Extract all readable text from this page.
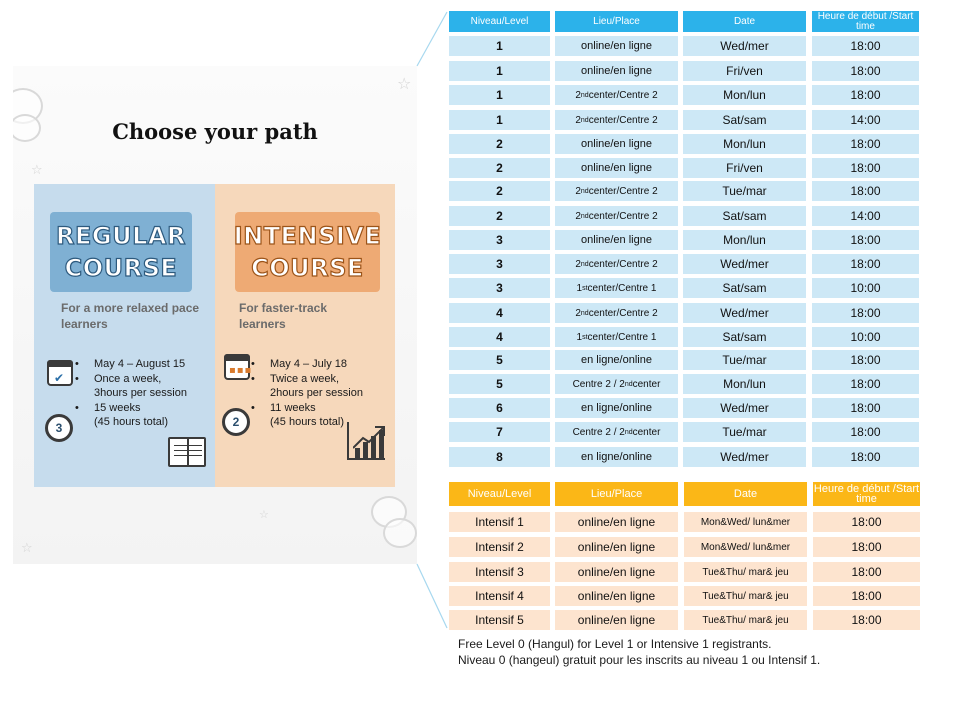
☆
☆
☆
☆
Choose your path
REGULAR
COURSE
For a more relaxed pace learners
✔
3
• May 4 – August 15
• Once a week,
3hours per session
• 15 weeks
(45 hours total)
INTENSIVE
COURSE
For faster-track learners
▪▪▪
2
• May 4 – July 18
• Twice a week,
2hours per session
• 11 weeks
(45 hours total)
Niveau/Level	Lieu/Place	Date	Heure de début /Start time
1	online/en ligne	Wed/mer	18:00
1	online/en ligne	Fri/ven	18:00
1	2 nd center/Centre 2	Mon/lun	18:00
1	2 nd center/Centre 2	Sat/sam	14:00
2	online/en ligne	Mon/lun	18:00
2	online/en ligne	Fri/ven	18:00
2	2 nd center/Centre 2	Tue/mar	18:00
2	2 nd center/Centre 2	Sat/sam	14:00
3	online/en ligne	Mon/lun	18:00
3	2 nd center/Centre 2	Wed/mer	18:00
3	1 st center/Centre 1	Sat/sam	10:00
4	2 nd center/Centre 2	Wed/mer	18:00
4	1 st center/Centre 1	Sat/sam	10:00
5	en ligne/online	Tue/mar	18:00
5	Centre 2 / 2 nd center	Mon/lun	18:00
6	en ligne/online	Wed/mer	18:00
7	Centre 2 / 2 nd center	Tue/mar	18:00
8	en ligne/online	Wed/mer	18:00
Niveau/Level	Lieu/Place	Date	Heure de début /Start time
Intensif 1	online/en ligne	Mon&Wed/ lun&mer	18:00
Intensif 2	online/en ligne	Mon&Wed/ lun&mer	18:00
Intensif 3	online/en ligne	Tue&Thu/ mar& jeu	18:00
Intensif 4	online/en ligne	Tue&Thu/ mar& jeu	18:00
Intensif 5	online/en ligne	Tue&Thu/ mar& jeu	18:00
Free Level 0 (Hangul) for Level 1 or Intensive 1 registrants.
Niveau 0 (hangeul) gratuit pour les inscrits au niveau 1 ou Intensif 1.
